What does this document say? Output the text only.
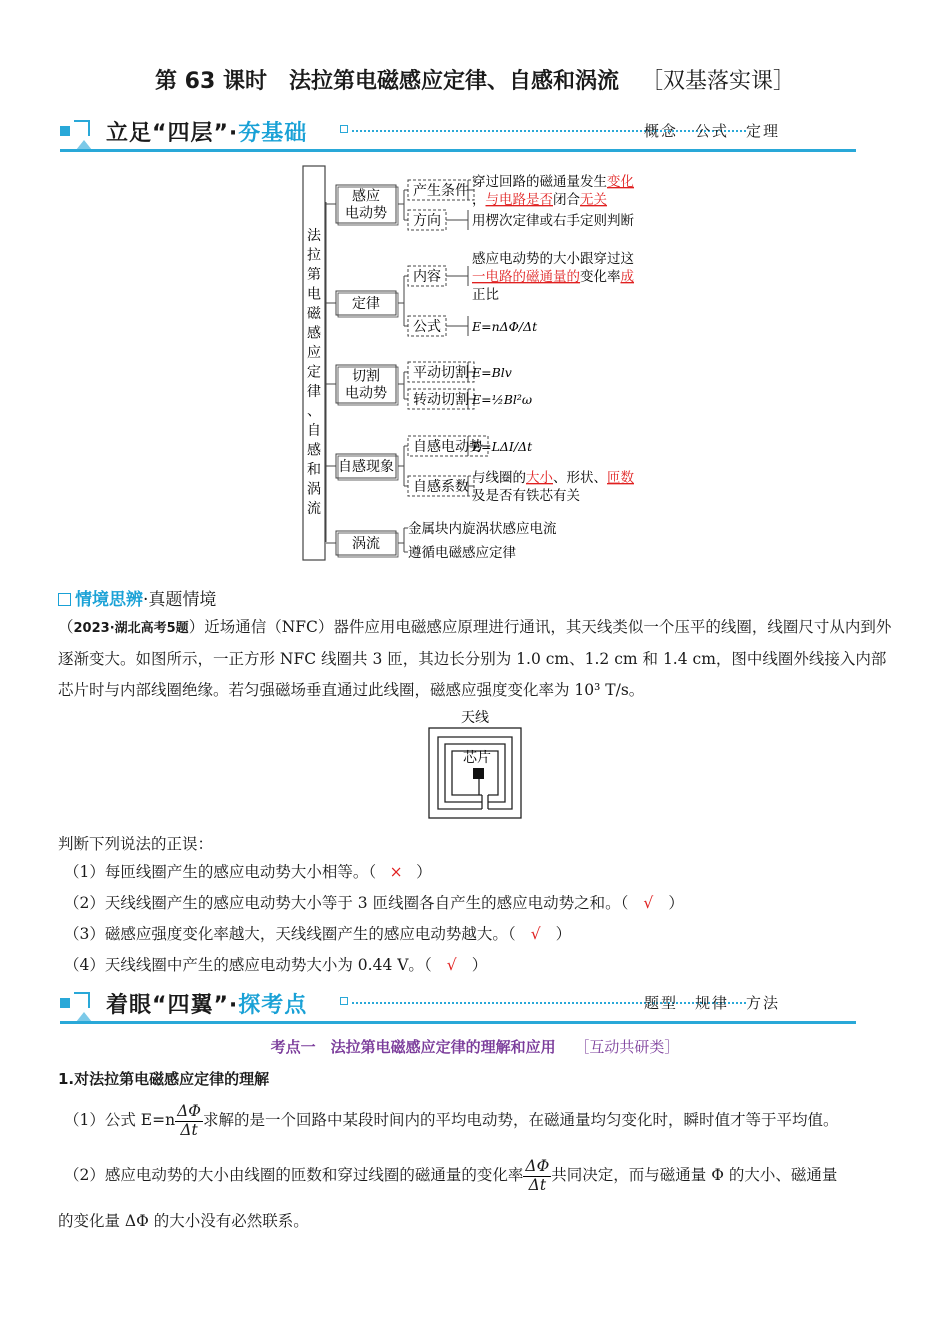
第 63 课时　法拉第电磁感应定律、自感和涡流 ［双基落实课］
立足“四层”·夯基础	概念　公式　定理
法
拉
第
电
磁
感
应
定
律
、
自
感
和
涡
流
感应
电动势
产生条件
穿过回路的磁通量发生变化
，与电路是否闭合无关
方向 用楞次定律或右手定则判断
定律
内容
感应电动势的大小跟穿过这
一电路的磁通量的变化率成
正比
公式 E=nΔΦ/Δt
切割
电动势
平动切割 E=Blv
转动切割 E=½Bl²ω
自感现象
自感电动势
E=LΔI/Δt
自感系数
与线圈的大小、形状、匝数
及是否有铁芯有关
涡流
金属块内旋涡状感应电流
遵循电磁感应定律
情境思辨·真题情境
（2023·湖北高考5题）近场通信（NFC）器件应用电磁感应原理进行通讯，其天线类似一个压平的线圈，线圈尺寸从内到外逐渐变大。如图所示，一正方形 NFC 线圈共 3 匝，其边长分别为 1.0 cm、1.2 cm 和 1.4 cm，图中线圈外线接入内部芯片时与内部线圈绝缘。若匀强磁场垂直通过此线圈，磁感应强度变化率为 10³ T/s。
天线
芯片
判断下列说法的正误：
（1）每匝线圈产生的感应电动势大小相等。（ × ）
（2）天线线圈产生的感应电动势大小等于 3 匝线圈各自产生的感应电动势之和。（ √ ）
（3）磁感应强度变化率越大，天线线圈产生的感应电动势越大。（ √ ）
（4）天线线圈中产生的感应电动势大小为 0.44 V。（ √ ）
着眼“四翼”·探考点	题型　规律　方法
考点一　法拉第电磁感应定律的理解和应用 ［互动共研类］
1.对法拉第电磁感应定律的理解
（1）公式 $E=n \frac{\Delta\Phi}{\Delta t}$ 求解的是一个回路中某段时间内的平均电动势，在磁通量均匀变化时，瞬时值才等于平均值。
（2）感应电动势的大小由线圈的匝数和穿过线圈的磁通量的变化率 $\frac{\Delta\Phi}{\Delta t}$ 共同决定，而与磁通量 Φ 的大小、磁通量
的变化量 ΔΦ 的大小没有必然联系。
